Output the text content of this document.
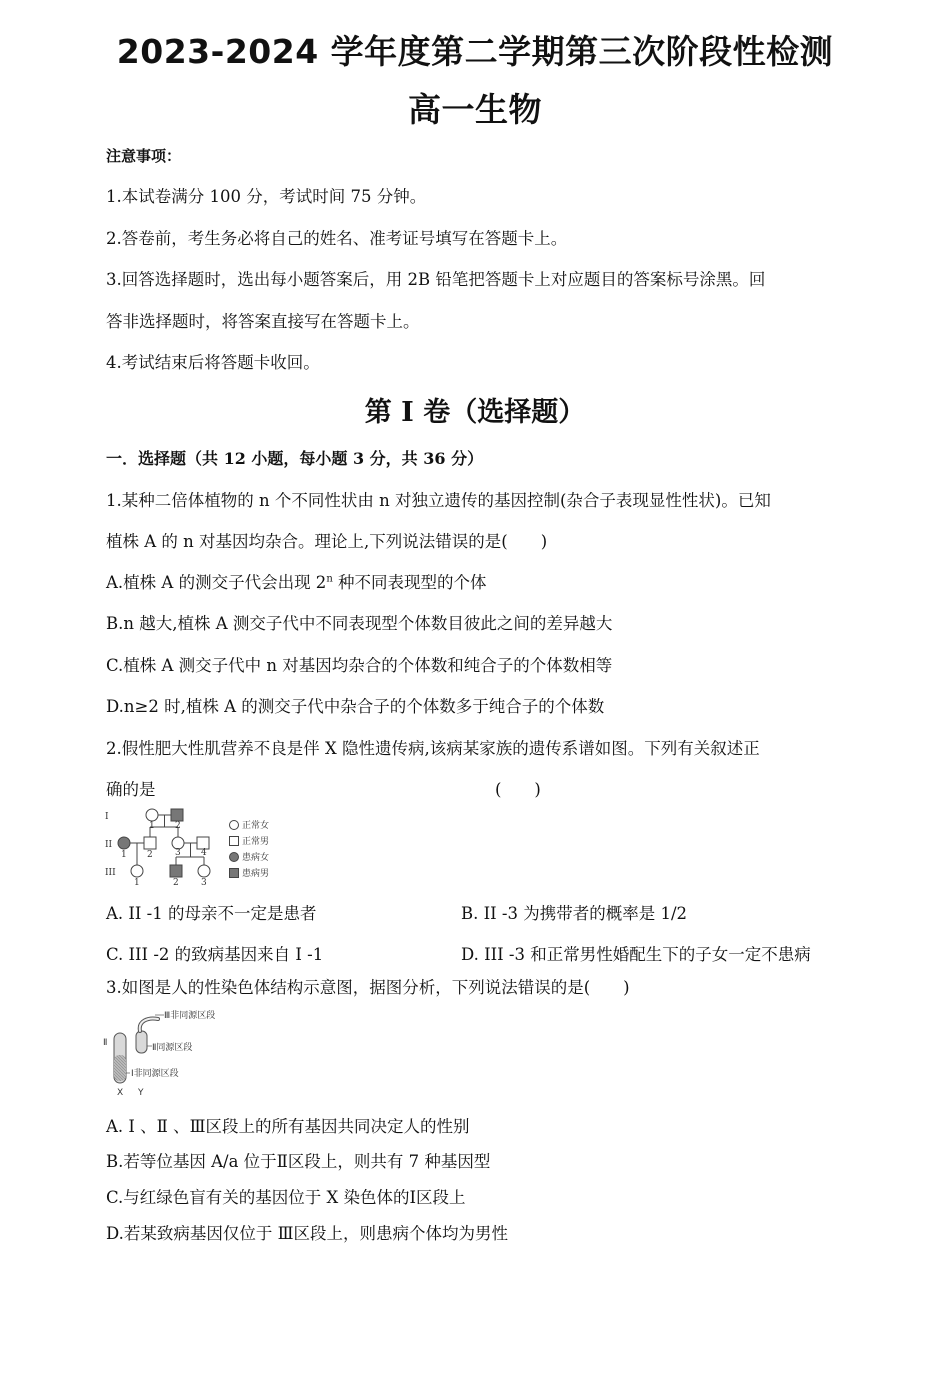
2023-2024 学年度第二学期第三次阶段性检测
高一生物
注意事项：
1.本试卷满分 100 分，考试时间 75 分钟。
2.答卷前，考生务必将自己的姓名、准考证号填写在答题卡上。
3.回答选择题时，选出每小题答案后，用 2B 铅笔把答题卡上对应题目的答案标号涂黑。回
答非选择题时，将答案直接写在答题卡上。
4.考试结束后将答题卡收回。
第 I 卷（选择题）
一．选择题（共 12 小题，每小题 3 分，共 36 分）
1.某种二倍体植物的 n 个不同性状由 n 对独立遗传的基因控制(杂合子表现显性性状)。已知
植株 A 的 n 对基因均杂合。理论上,下列说法错误的是(　　)
A.植株 A 的测交子代会出现 2$^n$ 种不同表现型的个体
B.n 越大,植株 A 测交子代中不同表现型个体数目彼此之间的差异越大
C.植株 A 测交子代中 n 对基因均杂合的个体数和纯合子的个体数相等
D.n≥2 时,植株 A 的测交子代中杂合子的个体数多于纯合子的个体数
2.假性肥大性肌营养不良是伴 X 隐性遗传病,该病某家族的遗传系谱如图。下列有关叙述正
确的是	(　　)
I
II
III
1 2
1 2 3 4
1	2 3
正常女
正常男
患病女
患病男
A. II -1 的母亲不一定是患者	B. II -3 为携带者的概率是 1/2
C. III -2 的致病基因来自 I -1	D. III -3 和正常男性婚配生下的子女一定不患病
3.如图是人的性染色体结构示意图，据图分析，下列说法错误的是(　　)
Ⅲ非同源区段
Ⅱ同源区段
Ⅰ非同源区段
Ⅱ
X Y
A. Ⅰ 、Ⅱ 、Ⅲ区段上的所有基因共同决定人的性别
B.若等位基因 A/a 位于Ⅱ区段上，则共有 7 种基因型
C.与红绿色盲有关的基因位于 X 染色体的Ⅰ区段上
D.若某致病基因仅位于 Ⅲ区段上，则患病个体均为男性
